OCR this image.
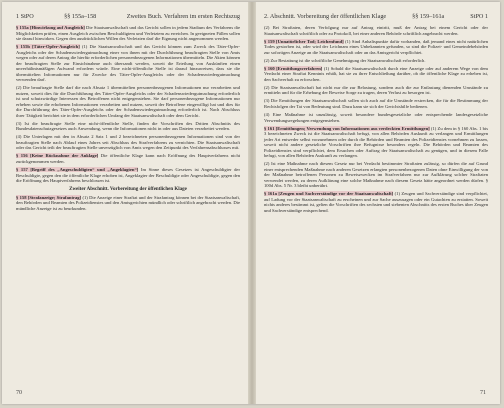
1 StPO	§§ 155a–158	Zweites Buch. Verfahren im ersten Rechtszug

§ 155a [Hinwirkung auf Ausgleich] Die Staatsanwaltschaft und das Gericht sollen in jedem Stadium des Verfahrens die Möglichkeiten prüfen, einen Ausgleich zwischen Beschuldigtem und Verletztem zu erreichen. In geeigneten Fällen sollen sie darauf hinwirken. Gegen den ausdrücklichen Willen des Verletzten darf die Eignung nicht angenommen werden.

§ 155b [Täter-Opfer-Ausgleich] (1) Die Staatsanwaltschaft und das Gericht können zum Zweck des Täter-Opfer-Ausgleichs oder der Schadenswiedergutmachung einer von ihnen mit der Durchführung beauftragten Stelle von Amts wegen oder auf deren Antrag die hierfür erforderlichen personenbezogenen Informationen übermitteln. Die Akten können der beauftragten Stelle zur Einsichtnahme auch übersandt werden, soweit die Erteilung von Auskünften einen unverhältnismäßigen Aufwand erfordern würde. Eine nicht-öffentliche Stelle ist darauf hinzuweisen, dass sie die übermittelten Informationen nur für Zwecke des Täter-Opfer-Ausgleichs oder der Schadenswiedergutmachung verwenden darf.

(2) Die beauftragte Stelle darf die nach Absatz 1 übermittelten personenbezogenen Informationen nur verarbeiten und nutzen, soweit dies für die Durchführung des Täter-Opfer-Ausgleichs oder der Schadenswiedergutmachung erforderlich ist und schutzwürdige Interessen des Betroffenen nicht entgegenstehen. Sie darf personenbezogene Informationen nur erheben sowie die erhobenen Informationen verarbeiten und nutzen, soweit der Betroffene eingewilligt hat und dies für die Durchführung des Täter-Opfer-Ausgleichs oder der Schadenswiedergutmachung erforderlich ist. Nach Abschluss ihrer Tätigkeit berichtet sie in dem erforderlichen Umfang der Staatsanwaltschaft oder dem Gericht.

(3) Ist die beauftragte Stelle eine nicht-öffentliche Stelle, finden die Vorschriften des Dritten Abschnitts des Bundesdatenschutzgesetzes auch Anwendung, wenn die Informationen nicht in oder aus Dateien verarbeitet werden.

(4) Die Unterlagen mit den in Absatz 2 Satz 1 und 2 bezeichneten personenbezogenen Informationen sind von der beauftragten Stelle nach Ablauf eines Jahres seit Abschluss des Strafverfahrens zu vernichten. Die Staatsanwaltschaft oder das Gericht teilt der beauftragten Stelle unverzüglich von Amts wegen den Zeitpunkt des Verfahrensabschlusses mit.

§ 156 [Keine Rücknahme der Anklage] Die öffentliche Klage kann nach Eröffnung des Hauptverfahrens nicht zurückgenommen werden.

§ 157 [Begriff des „Angeschuldigten“ und „Angeklagten“] Im Sinne dieses Gesetzes ist Angeschuldigter der Beschuldigte, gegen den die öffentliche Klage erhoben ist, Angeklagter der Beschuldigte oder Angeschuldigte, gegen den die Eröffnung des Hauptverfahrens beschlossen ist.

Zweiter Abschnitt. Vorbereitung der öffentlichen Klage

§ 158 [Strafanzeige; Strafantrag] (1) Die Anzeige einer Straftat und der Strafantrag können bei der Staatsanwaltschaft, den Behörden und Beamten des Polizeidienstes und den Amtsgerichten mündlich oder schriftlich angebracht werden. Die mündliche Anzeige ist zu beurkunden.

70
2. Abschnitt. Vorbereitung der öffentlichen Klage	§§ 159–161a	StPO 1

(2) Bei Straftaten, deren Verfolgung nur auf Antrag eintritt, muß der Antrag bei einem Gericht oder der Staatsanwaltschaft schriftlich oder zu Protokoll, bei einer anderen Behörde schriftlich angebracht werden.

§ 159 [Unnatürlicher Tod; Leichenfund] (1) Sind Anhaltspunkte dafür vorhanden, daß jemand eines nicht natürlichen Todes gestorben ist, oder wird der Leichnam eines Unbekannten gefunden, so sind die Polizei- und Gemeindebehörden zur sofortigen Anzeige an die Staatsanwaltschaft oder an das Amtsgericht verpflichtet.

(2) Zur Bestattung ist die schriftliche Genehmigung der Staatsanwaltschaft erforderlich.

§ 160 [Ermittlungsverfahren] (1) Sobald die Staatsanwaltschaft durch eine Anzeige oder auf anderem Wege von dem Verdacht einer Straftat Kenntnis erhält, hat sie zu ihrer Entschließung darüber, ob die öffentliche Klage zu erheben ist, den Sachverhalt zu erforschen.

(2) Die Staatsanwaltschaft hat nicht nur die zur Belastung, sondern auch die zur Entlastung dienenden Umstände zu ermitteln und für die Erhebung der Beweise Sorge zu tragen, deren Verlust zu besorgen ist.

(3) Die Ermittlungen der Staatsanwaltschaft sollen sich auch auf die Umstände erstrecken, die für die Bestimmung der Rechtsfolgen der Tat von Bedeutung sind. Dazu kann sie sich der Gerichtshilfe bedienen.

(4) Eine Maßnahme ist unzulässig, soweit besondere bundesgesetzliche oder entsprechende landesgesetzliche Verwendungsregelungen entgegenstehen.

§ 161 [Ermittlungen; Verwendung von Informationen aus verdeckten Ermittlungen] (1) Zu dem in § 160 Abs. 1 bis 3 bezeichneten Zweck ist die Staatsanwaltschaft befugt, von allen Behörden Auskunft zu verlangen und Ermittlungen jeder Art entweder selbst vorzunehmen oder durch die Behörden und Beamten des Polizeidienstes vornehmen zu lassen, soweit nicht andere gesetzliche Vorschriften ihre Befugnisse besonders regeln. Die Behörden und Beamten des Polizeidienstes sind verpflichtet, dem Ersuchen oder Auftrag der Staatsanwaltschaft zu genügen, und in diesem Falle befugt, von allen Behörden Auskunft zu verlangen.

(2) Ist eine Maßnahme nach diesem Gesetz nur bei Verdacht bestimmter Straftaten zulässig, so dürfen die auf Grund einer entsprechenden Maßnahme nach anderen Gesetzen erlangten personenbezogenen Daten ohne Einwilligung der von der Maßnahme betroffenen Personen zu Beweiszwecken im Strafverfahren nur zur Aufklärung solcher Straftaten verwendet werden, zu deren Aufklärung eine solche Maßnahme nach diesem Gesetz hätte angeordnet werden dürfen. § 100d Abs. 5 Nr. 3 bleibt unberührt.

§ 161a [Zeugen und Sachverständige vor der Staatsanwaltschaft] (1) Zeugen und Sachverständige sind verpflichtet, auf Ladung vor der Staatsanwaltschaft zu erscheinen und zur Sache auszusagen oder ein Gutachten zu erstatten. Soweit nichts anderes bestimmt ist, gelten die Vorschriften des sechsten und siebenten Abschnitts des ersten Buches über Zeugen und Sachverständige entsprechend.

71
